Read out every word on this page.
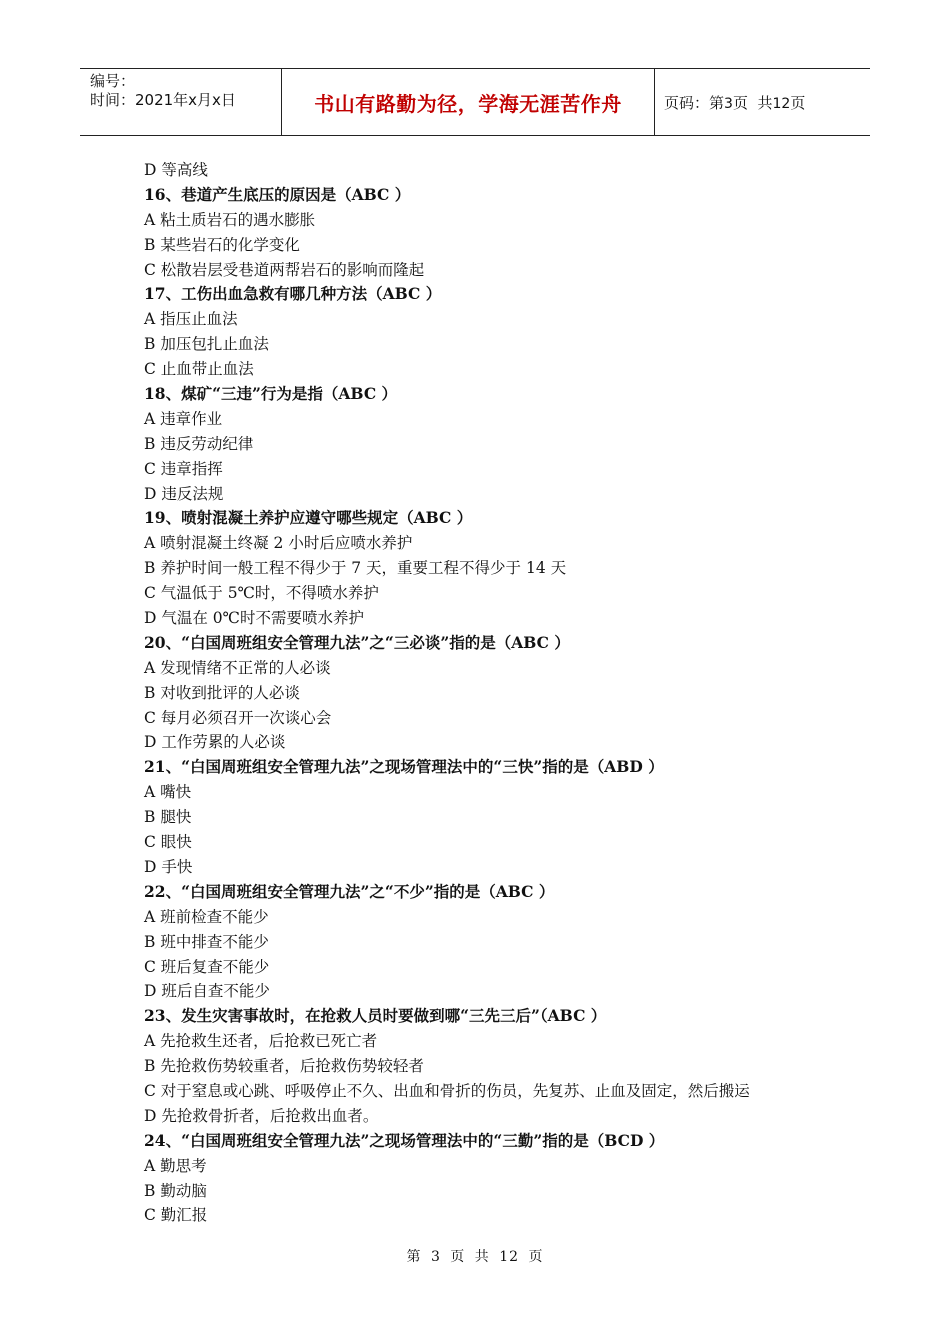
编号：
时间：2021年x月x日	书山有路勤为径，学海无涯苦作舟	页码：第3页  共12页
D 等高线
16、巷道产生底压的原因是（ABC ）
A 粘土质岩石的遇水膨胀
B 某些岩石的化学变化
C 松散岩层受巷道两帮岩石的影响而隆起
17、工伤出血急救有哪几种方法（ABC ）
A 指压止血法
B 加压包扎止血法
C 止血带止血法
18、煤矿“三违”行为是指（ABC ）
A 违章作业
B 违反劳动纪律
C 违章指挥
D 违反法规
19、喷射混凝土养护应遵守哪些规定（ABC ）
A 喷射混凝土终凝 2 小时后应喷水养护
B 养护时间一般工程不得少于 7 天，重要工程不得少于 14 天
C 气温低于 5℃时，不得喷水养护
D 气温在 0℃时不需要喷水养护
20、“白国周班组安全管理九法”之“三必谈”指的是（ABC ）
A 发现情绪不正常的人必谈
B 对收到批评的人必谈
C 每月必须召开一次谈心会
D 工作劳累的人必谈
21、“白国周班组安全管理九法”之现场管理法中的“三快”指的是（ABD ）
A 嘴快
B 腿快
C 眼快
D 手快
22、“白国周班组安全管理九法”之“不少”指的是（ABC ）
A 班前检查不能少
B 班中排查不能少
C 班后复查不能少
D 班后自查不能少
23、发生灾害事故时，在抢救人员时要做到哪“三先三后”（ABC ）
A 先抢救生还者，后抢救已死亡者
B 先抢救伤势较重者，后抢救伤势较轻者
C 对于窒息或心跳、呼吸停止不久、出血和骨折的伤员，先复苏、止血及固定，然后搬运
D 先抢救骨折者，后抢救出血者。
24、“白国周班组安全管理九法”之现场管理法中的“三勤”指的是（BCD ）
A 勤思考
B 勤动脑
C 勤汇报
第 3 页 共 12 页
